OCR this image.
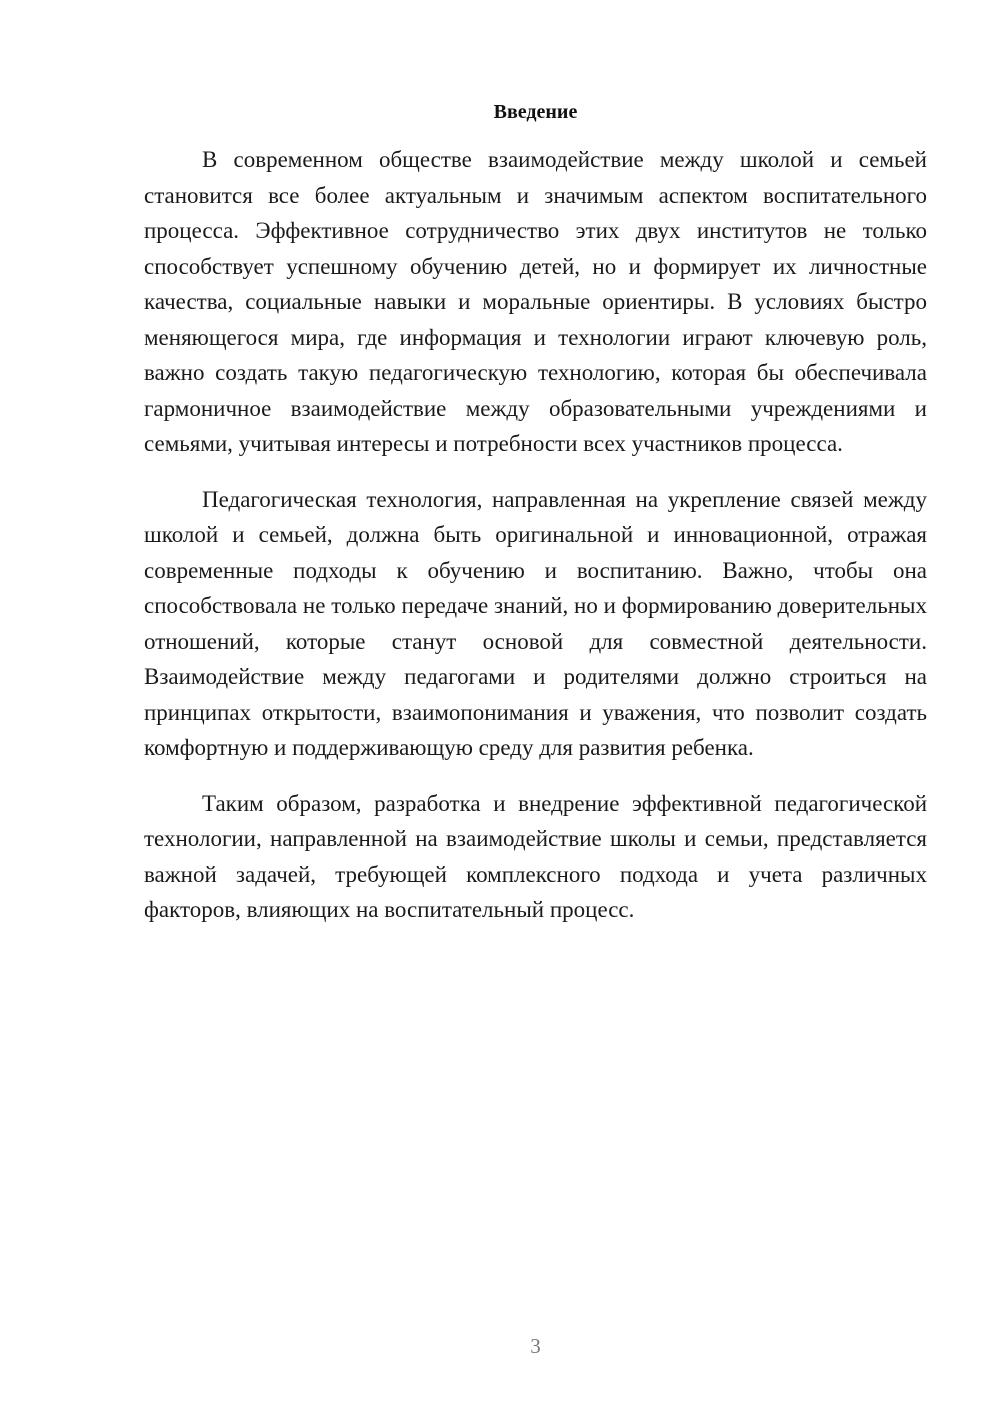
Введение

В современном обществе взаимодействие между школой и семьей становится все более актуальным и значимым аспектом воспитательного процесса. Эффективное сотрудничество этих двух институтов не только способствует успешному обучению детей, но и формирует их личностные качества, социальные навыки и моральные ориентиры. В условиях быстро меняющегося мира, где информация и технологии играют ключевую роль, важно создать такую педагогическую технологию, которая бы обеспечивала гармоничное взаимодействие между образовательными учреждениями и семьями, учитывая интересы и потребности всех участников процесса.

Педагогическая технология, направленная на укрепление связей между школой и семьей, должна быть оригинальной и инновационной, отражая современные подходы к обучению и воспитанию. Важно, чтобы она способствовала не только передаче знаний, но и формированию доверительных отношений, которые станут основой для совместной деятельности. Взаимодействие между педагогами и родителями должно строиться на принципах открытости, взаимопонимания и уважения, что позволит создать комфортную и поддерживающую среду для развития ребенка.

Таким образом, разработка и внедрение эффективной педагогической технологии, направленной на взаимодействие школы и семьи, представляется важной задачей, требующей комплексного подхода и учета различных факторов, влияющих на воспитательный процесс.

3
